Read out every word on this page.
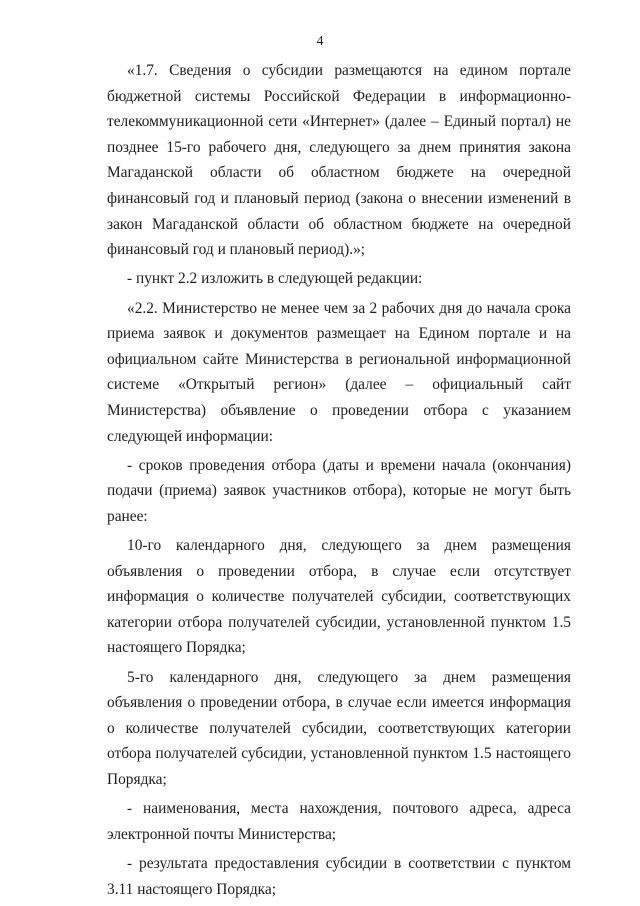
4

«1.7. Сведения о субсидии размещаются на едином портале бюджетной системы Российской Федерации в информационно-телекоммуникационной сети «Интернет» (далее – Единый портал) не позднее 15-го рабочего дня, следующего за днем принятия закона Магаданской области об областном бюджете на очередной финансовый год и плановый период (закона о внесении изменений в закон Магаданской области об областном бюджете на очередной финансовый год и плановый период).»;

- пункт 2.2 изложить в следующей редакции:

«2.2. Министерство не менее чем за 2 рабочих дня до начала срока приема заявок и документов размещает на Едином портале и на официальном сайте Министерства в региональной информационной системе «Открытый регион» (далее – официальный сайт Министерства) объявление о проведении отбора с указанием следующей информации:

- сроков проведения отбора (даты и времени начала (окончания) подачи (приема) заявок участников отбора), которые не могут быть ранее:

10-го календарного дня, следующего за днем размещения объявления о проведении отбора, в случае если отсутствует информация о количестве получателей субсидии, соответствующих категории отбора получателей субсидии, установленной пунктом 1.5 настоящего Порядка;

5-го календарного дня, следующего за днем размещения объявления о проведении отбора, в случае если имеется информация о количестве получателей субсидии, соответствующих категории отбора получателей субсидии, установленной пунктом 1.5 настоящего Порядка;

- наименования, места нахождения, почтового адреса, адреса электронной почты Министерства;

- результата предоставления субсидии в соответствии с пунктом 3.11 настоящего Порядка;
